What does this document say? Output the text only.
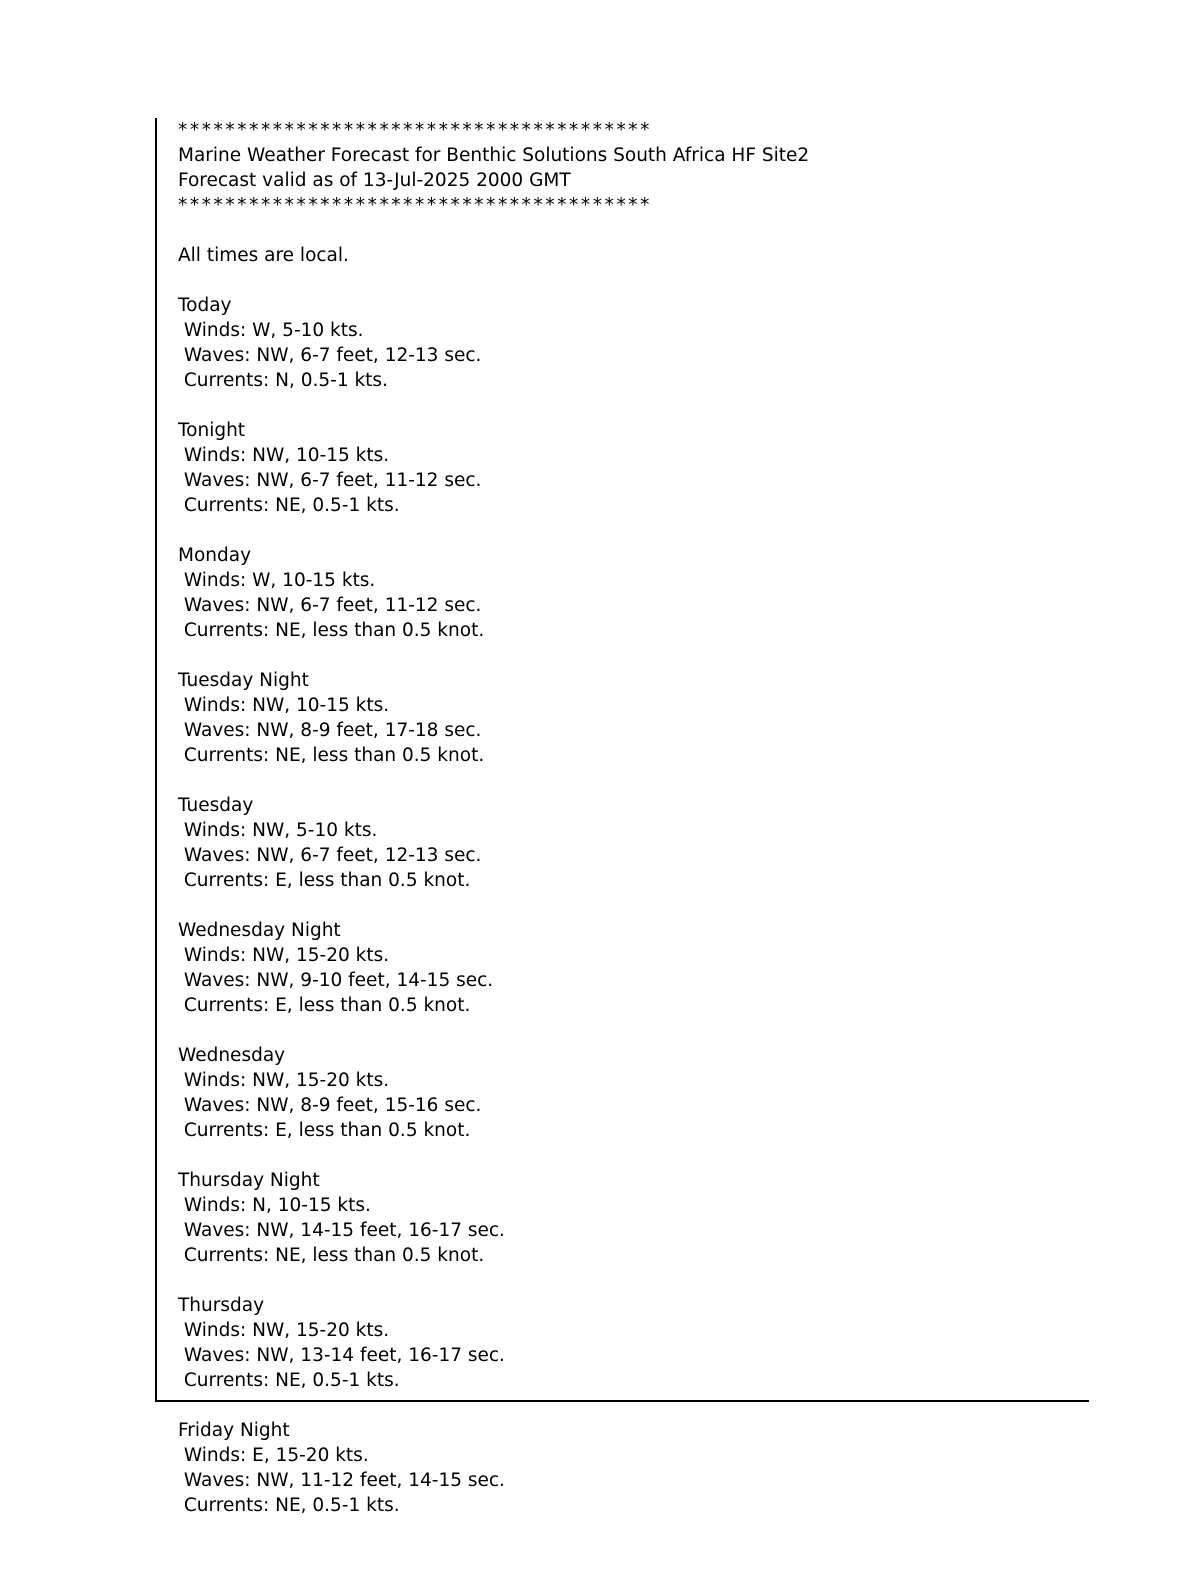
****************************************
Marine Weather Forecast for Benthic Solutions South Africa HF Site2
Forecast valid as of 13-Jul-2025 2000 GMT
****************************************
All times are local.
Today
Winds: W, 5-10 kts.
Waves: NW, 6-7 feet, 12-13 sec.
Currents: N, 0.5-1 kts.
Tonight
Winds: NW, 10-15 kts.
Waves: NW, 6-7 feet, 11-12 sec.
Currents: NE, 0.5-1 kts.
Monday
Winds: W, 10-15 kts.
Waves: NW, 6-7 feet, 11-12 sec.
Currents: NE, less than 0.5 knot.
Tuesday Night
Winds: NW, 10-15 kts.
Waves: NW, 8-9 feet, 17-18 sec.
Currents: NE, less than 0.5 knot.
Tuesday
Winds: NW, 5-10 kts.
Waves: NW, 6-7 feet, 12-13 sec.
Currents: E, less than 0.5 knot.
Wednesday Night
Winds: NW, 15-20 kts.
Waves: NW, 9-10 feet, 14-15 sec.
Currents: E, less than 0.5 knot.
Wednesday
Winds: NW, 15-20 kts.
Waves: NW, 8-9 feet, 15-16 sec.
Currents: E, less than 0.5 knot.
Thursday Night
Winds: N, 10-15 kts.
Waves: NW, 14-15 feet, 16-17 sec.
Currents: NE, less than 0.5 knot.
Thursday
Winds: NW, 15-20 kts.
Waves: NW, 13-14 feet, 16-17 sec.
Currents: NE, 0.5-1 kts.
Friday Night
Winds: E, 15-20 kts.
Waves: NW, 11-12 feet, 14-15 sec.
Currents: NE, 0.5-1 kts.
